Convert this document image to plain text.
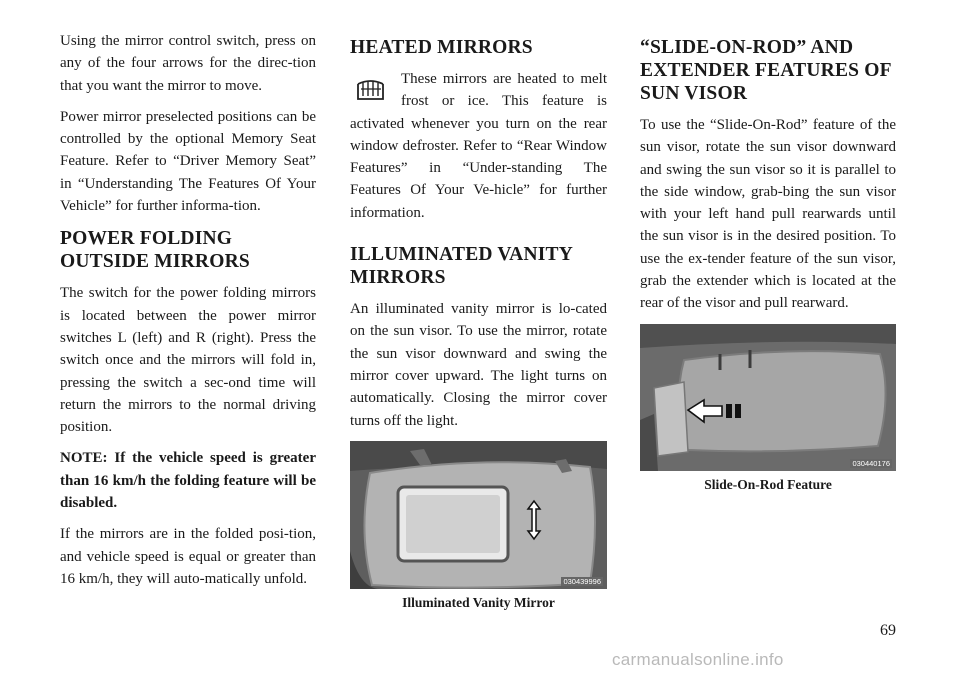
Using the mirror control switch, press on any of the four arrows for the direc-tion that you want the mirror to move.

Power mirror preselected positions can be controlled by the optional Memory Seat Feature. Refer to “Driver Memory Seat” in “Understanding The Features Of Your Vehicle” for further informa-tion.

POWER FOLDING OUTSIDE MIRRORS

The switch for the power folding mirrors is located between the power mirror switches L (left) and R (right). Press the switch once and the mirrors will fold in, pressing the switch a sec-ond time will return the mirrors to the normal driving position.

NOTE: If the vehicle speed is greater than 16 km/h the folding feature will be disabled.

If the mirrors are in the folded posi-tion, and vehicle speed is equal or greater than 16 km/h, they will auto-matically unfold.

HEATED MIRRORS

These mirrors are heated to melt frost or ice. This feature is activated whenever you turn on the rear window defroster. Refer to “Rear Window Features” in “Under-standing The Features Of Your Ve-hicle” for further information.

ILLUMINATED VANITY MIRRORS

An illuminated vanity mirror is lo-cated on the sun visor. To use the mirror, rotate the sun visor downward and swing the mirror cover upward. The light turns on automatically. Closing the mirror cover turns off the light.

030439996
Illuminated Vanity Mirror
“SLIDE-ON-ROD” AND EXTENDER FEATURES OF SUN VISOR

To use the “Slide-On-Rod” feature of the sun visor, rotate the sun visor downward and swing the sun visor so it is parallel to the side window, grab-bing the sun visor with your left hand pull rearwards until the sun visor is in the desired position. To use the ex-tender feature of the sun visor, grab the extender which is located at the rear of the visor and pull rearward.

030440176
Slide-On-Rod Feature
69
carmanualsonline.info
